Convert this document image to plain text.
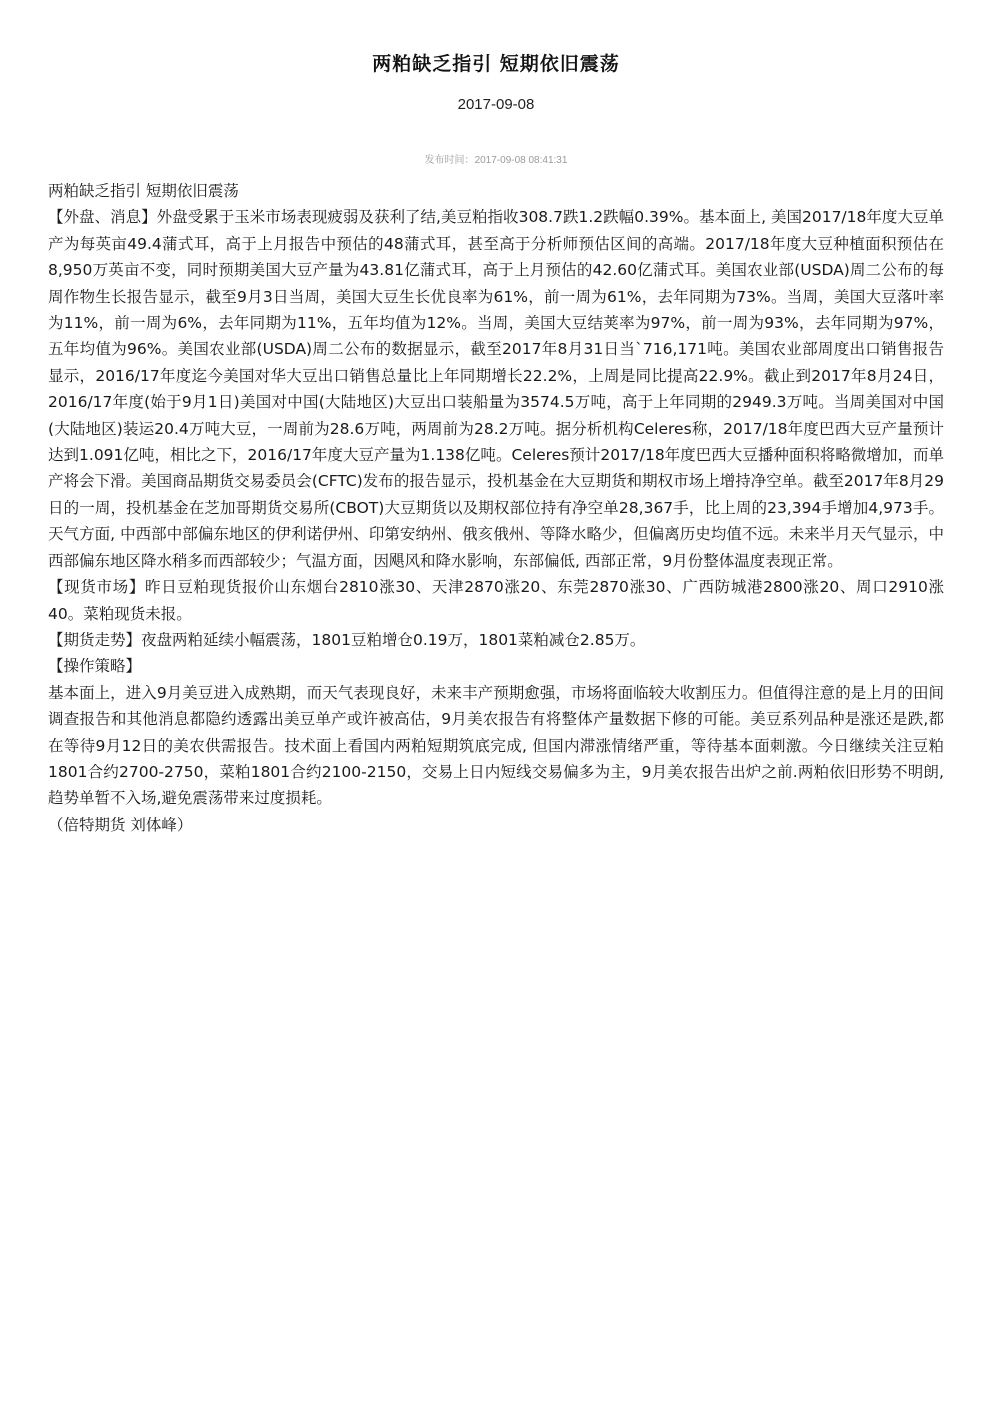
两粕缺乏指引 短期依旧震荡
2017-09-08
发布时间：2017-09-08 08:41:31

两粕缺乏指引 短期依旧震荡

【外盘、消息】外盘受累于玉米市场表现疲弱及获利了结,美豆粕指收308.7跌1.2跌幅0.39%。基本面上, 美国2017/18年度大豆单产为每英亩49.4蒲式耳，高于上月报告中预估的48蒲式耳，甚至高于分析师预估区间的高端。2017/18年度大豆种植面积预估在8,950万英亩不变，同时预期美国大豆产量为43.81亿蒲式耳，高于上月预估的42.60亿蒲式耳。美国农业部(USDA)周二公布的每周作物生长报告显示，截至9月3日当周，美国大豆生长优良率为61%，前一周为61%，去年同期为73%。当周，美国大豆落叶率为11%，前一周为6%，去年同期为11%，五年均值为12%。当周，美国大豆结荚率为97%，前一周为93%，去年同期为97%，五年均值为96%。美国农业部(USDA)周二公布的数据显示，截至2017年8月31日当`716,171吨。美国农业部周度出口销售报告显示，2016/17年度迄今美国对华大豆出口销售总量比上年同期增长22.2%，上周是同比提高22.9%。截止到2017年8月24日，2016/17年度(始于9月1日)美国对中国(大陆地区)大豆出口装船量为3574.5万吨，高于上年同期的2949.3万吨。当周美国对中国(大陆地区)装运20.4万吨大豆，一周前为28.6万吨，两周前为28.2万吨。据分析机构Celeres称，2017/18年度巴西大豆产量预计达到1.091亿吨，相比之下，2016/17年度大豆产量为1.138亿吨。Celeres预计2017/18年度巴西大豆播种面积将略微增加，而单产将会下滑。美国商品期货交易委员会(CFTC)发布的报告显示，投机基金在大豆期货和期权市场上增持净空单。截至2017年8月29日的一周，投机基金在芝加哥期货交易所(CBOT)大豆期货以及期权部位持有净空单28,367手，比上周的23,394手增加4,973手。天气方面, 中西部中部偏东地区的伊利诺伊州、印第安纳州、俄亥俄州、等降水略少，但偏离历史均值不远。未来半月天气显示，中西部偏东地区降水稍多而西部较少；气温方面，因飓风和降水影响，东部偏低, 西部正常，9月份整体温度表现正常。

【现货市场】昨日豆粕现货报价山东烟台2810涨30、天津2870涨20、东莞2870涨30、广西防城港2800涨20、周口2910涨40。菜粕现货未报。

【期货走势】夜盘两粕延续小幅震荡，1801豆粕增仓0.19万，1801菜粕减仓2.85万。

【操作策略】

基本面上，进入9月美豆进入成熟期，而天气表现良好，未来丰产预期愈强，市场将面临较大收割压力。但值得注意的是上月的田间调查报告和其他消息都隐约透露出美豆单产或许被高估，9月美农报告有将整体产量数据下修的可能。美豆系列品种是涨还是跌,都在等待9月12日的美农供需报告。技术面上看国内两粕短期筑底完成, 但国内滞涨情绪严重，等待基本面刺激。今日继续关注豆粕1801合约2700-2750，菜粕1801合约2100-2150，交易上日内短线交易偏多为主，9月美农报告出炉之前.两粕依旧形势不明朗,趋势单暂不入场,避免震荡带来过度损耗。

（倍特期货 刘体峰）
